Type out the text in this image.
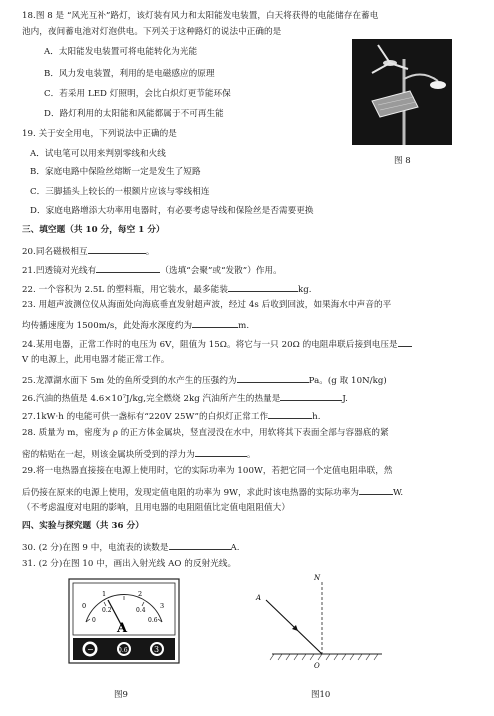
18.图 8 是 “风光互补”路灯，该灯装有风力和太阳能发电装置，白天将获得的电能储存在蓄电
池内，夜间蓄电池对灯泡供电。下列关于这种路灯的说法中正确的是
A．太阳能发电装置可将电能转化为光能
B．风力发电装置，利用的是电磁感应的原理
C．若采用 LED 灯照明，会比白炽灯更节能环保
D．路灯利用的太阳能和风能都属于不可再生能
图 8
19. 关于安全用电，下列说法中正确的是
A．试电笔可以用来判别零线和火线
B．家庭电路中保险丝熔断一定是发生了短路
C．三脚插头上较长的一根额片应该与零线相连
D．家庭电路增添大功率用电器时，有必要考虑导线和保险丝是否需要更换
三、填空题（共 10 分，每空 1 分）
20.同名磁极相互	。
21.凹透镜对光线有	（选填“会聚”或“发散”）作用。
22. 一个容积为 2.5L 的塑料瓶，用它装水，最多能装	kg.
23. 用超声波测位仪从海面处向海底垂直发射超声波，经过 4s 后收到回波，如果海水中声音的平
均传播速度为 1500m/s，此处海水深度约为	m.
24.某用电器，正常工作时的电压为 6V，阻值为 15Ω。将它与一只 20Ω 的电阻串联后接到电压是
V 的电源上，此用电器才能正常工作。
25.龙潭湖水面下 5m 处的鱼所受到的水产生的压强约为	Pa。(g 取 10N/kg)
26.汽油的热值是 4.6×10⁷J/kg,完全燃烧 2kg 汽油所产生的热量是	J.
27.1kW·h 的电能可供一盏标有“220V 25W”的白炽灯正常工作	h.
28. 质量为 m，密度为 ρ 的正方体金属块，竖直浸没在水中，用软将其下表面全部与容器底的紧
密的粘贴在一起，则该金属块所受到的浮力为	。
29.将一电热器直接接在电源上使用时，它的实际功率为 100W，若把它同一个定值电阻串联，然
后仍接在原来的电源上使用，发现定值电阻的功率为 9W，求此时该电热器的实际功率为	W.
（不考虑温度对电阻的影响，且用电器的电阻阻值比定值电阻阻值大）
四、实验与探究题（共 36 分）
30. (2 分)在图 9 中，电流表的读数是	A.
31. (2 分)在图 10 中，画出入射光线 AO 的反射光线。
0
1	2
3
0
0.2	0.4
0.6
A
−	0.6	3
图9
N
A
O
图10
